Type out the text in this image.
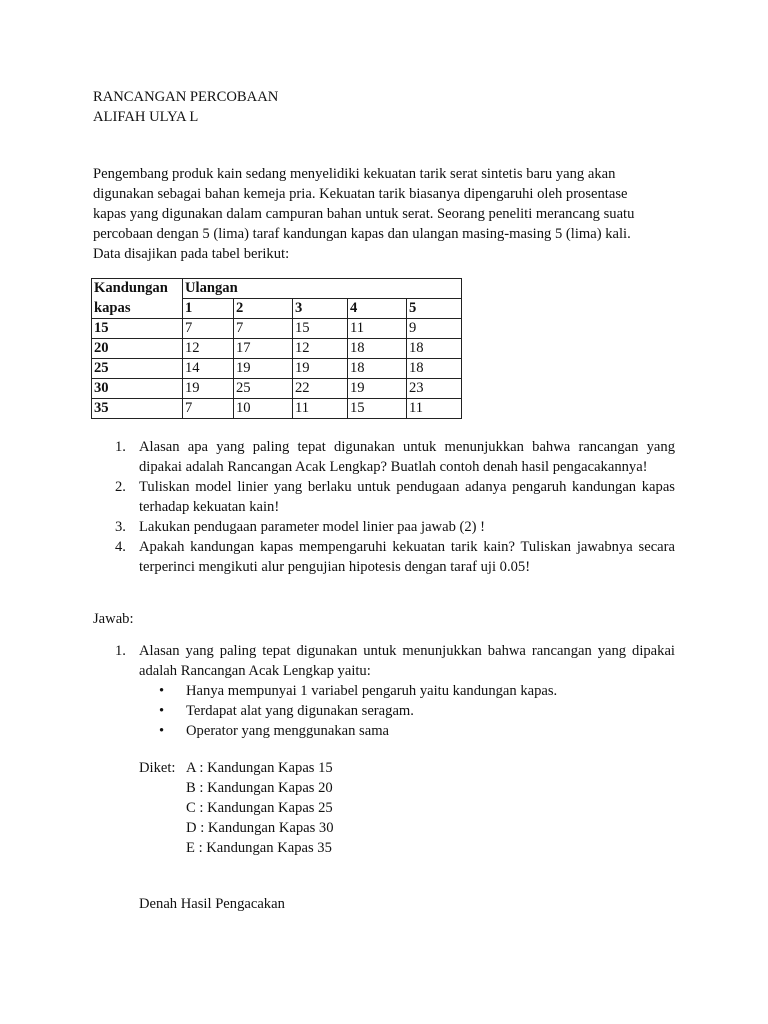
RANCANGAN PERCOBAAN
ALIFAH ULYA L
Pengembang produk kain sedang menyelidiki kekuatan tarik serat sintetis baru yang akan
digunakan sebagai bahan kemeja pria. Kekuatan tarik biasanya dipengaruhi oleh prosentase
kapas yang digunakan dalam campuran bahan untuk serat. Seorang peneliti merancang suatu
percobaan dengan 5 (lima) taraf kandungan kapas dan ulangan masing-masing 5 (lima) kali.
Data disajikan pada tabel berikut:
Kandungan	Ulangan				
kapas	1	2	3	4	5
15	7	7	15	11	9
20	12	17	12	18	18
25	14	19	19	18	18
30	19	25	22	19	23
35	7	10	11	15	11
1. Alasan apa yang paling tepat digunakan untuk menunjukkan bahwa rancangan yang dipakai adalah Rancangan Acak Lengkap? Buatlah contoh denah hasil pengacakannya!
2. Tuliskan model linier yang berlaku untuk pendugaan adanya pengaruh kandungan kapas terhadap kekuatan kain!
3. Lakukan pendugaan parameter model linier paa jawab (2) !
4. Apakah kandungan kapas mempengaruhi kekuatan tarik kain? Tuliskan jawabnya secara terperinci mengikuti alur pengujian hipotesis dengan taraf uji 0.05!
Jawab:
1. Alasan yang paling tepat digunakan untuk menunjukkan bahwa rancangan yang dipakai adalah Rancangan Acak Lengkap yaitu:
• Hanya mempunyai 1 variabel pengaruh yaitu kandungan kapas.
• Terdapat alat yang digunakan seragam.
• Operator yang menggunakan sama
Diket: A : Kandungan Kapas 15
B : Kandungan Kapas 20
C : Kandungan Kapas 25
D : Kandungan Kapas 30
E : Kandungan Kapas 35
Denah Hasil Pengacakan
